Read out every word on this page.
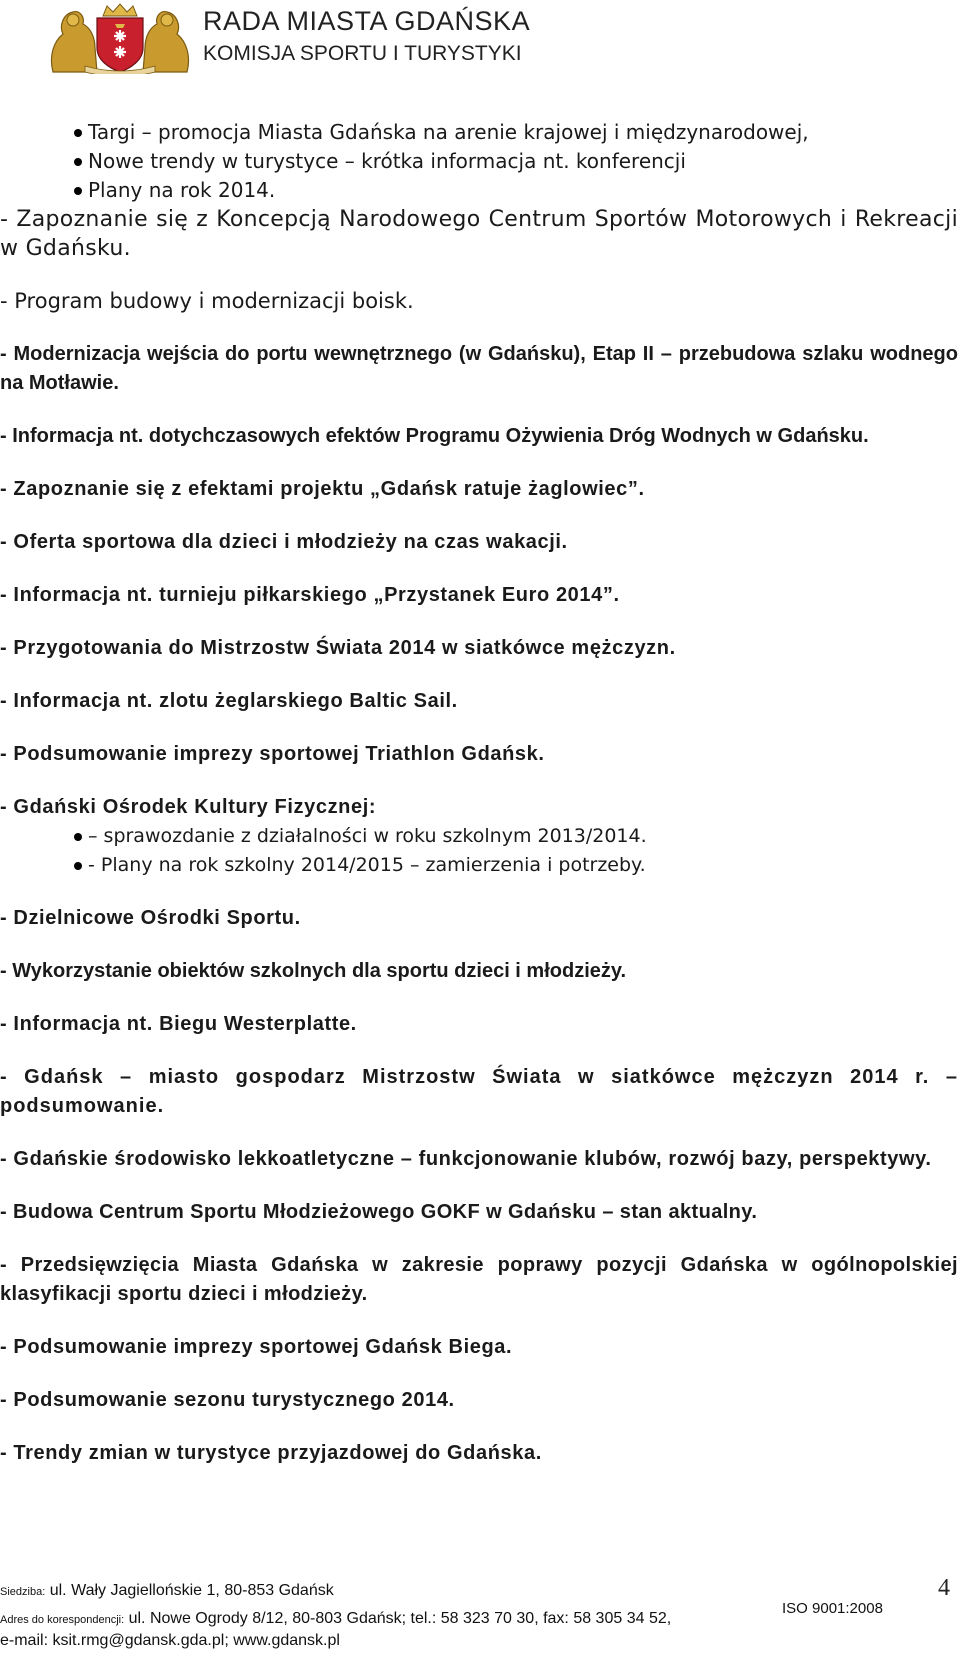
RADA MIASTA GDAŃSKA
KOMISJA SPORTU I TURYSTYKI
Targi – promocja Miasta Gdańska na arenie krajowej i międzynarodowej,
Nowe trendy w turystyce – krótka informacja nt. konferencji
Plany na rok 2014.

- Zapoznanie się z Koncepcją Narodowego Centrum Sportów Motorowych i Rekreacji w Gdańsku.

- Program budowy i modernizacji boisk.

- Modernizacja wejścia do portu wewnętrznego (w Gdańsku), Etap II – przebudowa szlaku wodnego na Motławie.

- Informacja nt. dotychczasowych efektów Programu Ożywienia Dróg Wodnych w Gdańsku.

- Zapoznanie się z efektami projektu „Gdańsk ratuje żaglowiec”.

- Oferta sportowa dla dzieci i młodzieży na czas wakacji.

- Informacja nt. turnieju piłkarskiego „Przystanek Euro 2014”.

- Przygotowania do Mistrzostw Świata 2014 w siatkówce mężczyzn.

- Informacja nt. zlotu żeglarskiego Baltic Sail.

- Podsumowanie imprezy sportowej Triathlon Gdańsk.

- Gdański Ośrodek Kultury Fizycznej:

– sprawozdanie z działalności w roku szkolnym 2013/2014.
- Plany na rok szkolny 2014/2015 – zamierzenia i potrzeby.

- Dzielnicowe Ośrodki Sportu.

- Wykorzystanie obiektów szkolnych dla sportu dzieci i młodzieży.

- Informacja nt. Biegu Westerplatte.

- Gdańsk – miasto gospodarz Mistrzostw Świata w siatkówce mężczyzn 2014 r. – podsumowanie.

- Gdańskie środowisko lekkoatletyczne – funkcjonowanie klubów, rozwój bazy, perspektywy.

- Budowa Centrum Sportu Młodzieżowego GOKF w Gdańsku – stan aktualny.

- Przedsięwzięcia Miasta Gdańska w zakresie poprawy pozycji Gdańska w ogólnopolskiej klasyfikacji sportu dzieci i młodzieży.

- Podsumowanie imprezy sportowej Gdańsk Biega.

- Podsumowanie sezonu turystycznego 2014.

- Trendy zmian w turystyce przyjazdowej do Gdańska.

4
Siedziba: ul. Wały Jagiellońskie 1, 80-853 Gdańsk
Adres do korespondencji: ul. Nowe Ogrody 8/12, 80-803 Gdańsk; tel.: 58 323 70 30, fax: 58 305 34 52,
e-mail: ksit.rmg@gdansk.gda.pl; www.gdansk.pl
ISO 9001:2008
